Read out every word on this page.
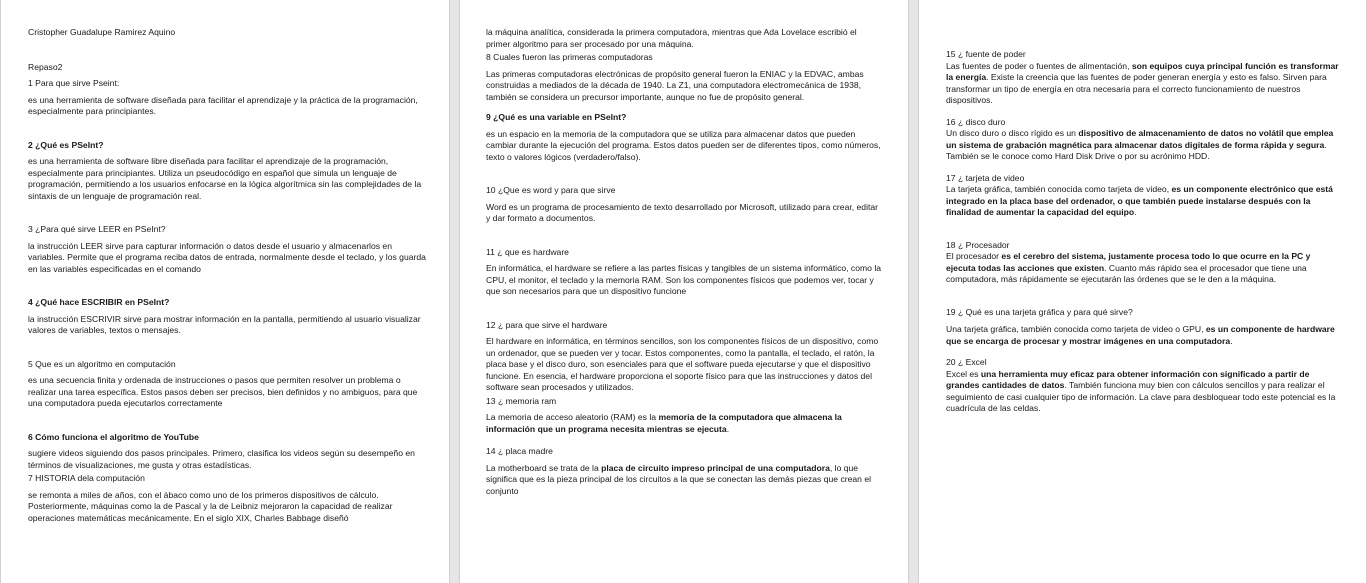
Cristopher Guadalupe Ramirez Aquino

Repaso2

1 Para que sirve Pseint:

es una herramienta de software diseñada para facilitar el aprendizaje y la práctica de la programación, especialmente para principiantes.

2 ¿Qué es PSeInt?

es una herramienta de software libre diseñada para facilitar el aprendizaje de la programación, especialmente para principiantes. Utiliza un pseudocódigo en español que simula un lenguaje de programación, permitiendo a los usuarios enfocarse en la lógica algorítmica sin las complejidades de la sintaxis de un lenguaje de programación real.

3 ¿Para qué sirve LEER en PSeInt?

la instrucción LEER sirve para capturar información o datos desde el usuario y almacenarlos en variables. Permite que el programa reciba datos de entrada, normalmente desde el teclado, y los guarda en las variables especificadas en el comando

4 ¿Qué hace ESCRIBIR en PSeInt?

la instrucción ESCRIVIR sirve para mostrar información en la pantalla, permitiendo al usuario visualizar valores de variables, textos o mensajes.

5 Que es un algoritmo en computación

es una secuencia finita y ordenada de instrucciones o pasos que permiten resolver un problema o realizar una tarea específica. Estos pasos deben ser precisos, bien definidos y no ambiguos, para que una computadora pueda ejecutarlos correctamente

6 Cómo funciona el algoritmo de YouTube

sugiere videos siguiendo dos pasos principales. Primero, clasifica los videos según su desempeño en términos de visualizaciones, me gusta y otras estadísticas.

7 HISTORIA dela computación

se remonta a miles de años, con el ábaco como uno de los primeros dispositivos de cálculo. Posteriormente, máquinas como la de Pascal y la de Leibniz mejoraron la capacidad de realizar operaciones matemáticas mecánicamente. En el siglo XIX, Charles Babbage diseñó

la máquina analítica, considerada la primera computadora, mientras que Ada Lovelace escribió el primer algoritmo para ser procesado por una máquina.

8 Cuales fueron las primeras computadoras

Las primeras computadoras electrónicas de propósito general fueron la ENIAC y la EDVAC, ambas construidas a mediados de la década de 1940. La Z1, una computadora electromecánica de 1938, también se considera un precursor importante, aunque no fue de propósito general.

9 ¿Qué es una variable en PSeInt?

es un espacio en la memoria de la computadora que se utiliza para almacenar datos que pueden cambiar durante la ejecución del programa. Estos datos pueden ser de diferentes tipos, como números, texto o valores lógicos (verdadero/falso).

10 ¿Que es word y para que sirve

Word es un programa de procesamiento de texto desarrollado por Microsoft, utilizado para crear, editar y dar formato a documentos.

11 ¿ que es hardware

En informática, el hardware se refiere a las partes físicas y tangibles de un sistema informático, como la CPU, el monitor, el teclado y la memoria RAM. Son los componentes físicos que podemos ver, tocar y que son necesarios para que un dispositivo funcione

12 ¿ para que sirve el hardware

El hardware en informática, en términos sencillos, son los componentes físicos de un dispositivo, como un ordenador, que se pueden ver y tocar. Estos componentes, como la pantalla, el teclado, el ratón, la placa base y el disco duro, son esenciales para que el software pueda ejecutarse y que el dispositivo funcione. En esencia, el hardware proporciona el soporte físico para que las instrucciones y datos del software sean procesados y utilizados.

13 ¿ memoria ram

La memoria de acceso aleatorio (RAM) es la memoria de la computadora que almacena la información que un programa necesita mientras se ejecuta.

14 ¿ placa madre

La motherboard se trata de la placa de circuito impreso principal de una computadora, lo que significa que es la pieza principal de los circuitos a la que se conectan las demás piezas que crean el conjunto

15 ¿ fuente de poder

Las fuentes de poder o fuentes de alimentación, son equipos cuya principal función es transformar la energía. Existe la creencia que las fuentes de poder generan energía y esto es falso. Sirven para transformar un tipo de energía en otra necesaria para el correcto funcionamiento de nuestros dispositivos.

16 ¿ disco duro

Un disco duro o disco rígido es un dispositivo de almacenamiento de datos no volátil que emplea un sistema de grabación magnética para almacenar datos digitales de forma rápida y segura. También se le conoce como Hard Disk Drive o por su acrónimo HDD.

17 ¿ tarjeta de video

La tarjeta gráfica, también conocida como tarjeta de video, es un componente electrónico que está integrado en la placa base del ordenador, o que también puede instalarse después con la finalidad de aumentar la capacidad del equipo.

18 ¿ Procesador

El procesador es el cerebro del sistema, justamente procesa todo lo que ocurre en la PC y ejecuta todas las acciones que existen. Cuanto más rápido sea el procesador que tiene una computadora, más rápidamente se ejecutarán las órdenes que se le den a la máquina.

19 ¿ Qué es una tarjeta gráfica y para qué sirve?

Una tarjeta gráfica, también conocida como tarjeta de video o GPU, es un componente de hardware que se encarga de procesar y mostrar imágenes en una computadora.

20 ¿ Excel

Excel es una herramienta muy eficaz para obtener información con significado a partir de grandes cantidades de datos. También funciona muy bien con cálculos sencillos y para realizar el seguimiento de casi cualquier tipo de información. La clave para desbloquear todo este potencial es la cuadrícula de las celdas.
